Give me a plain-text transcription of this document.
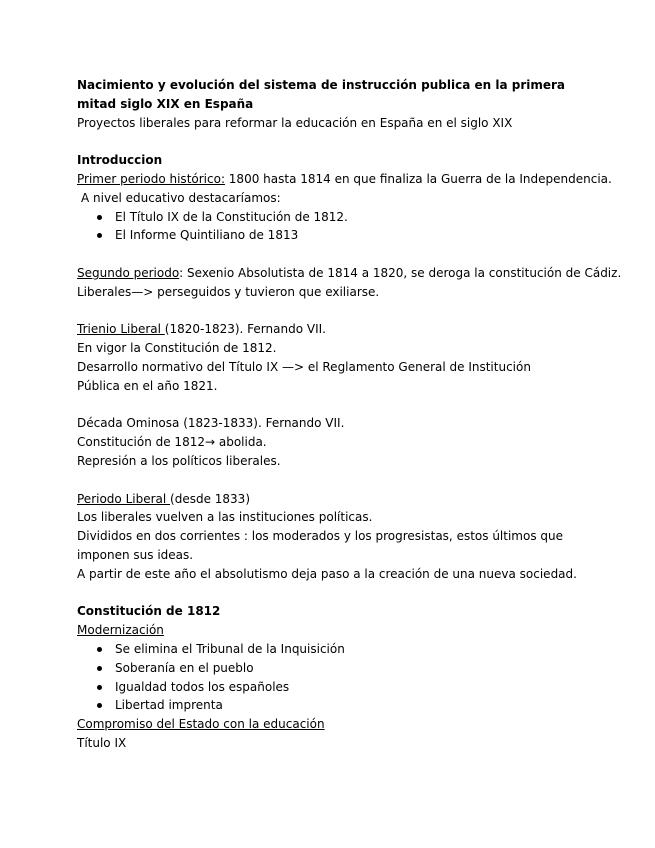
Nacimiento y evolución del sistema de instrucción publica en la primera mitad siglo XIX en España
Proyectos liberales para reformar la educación en España en el siglo XIX
Introduccion
Primer periodo histórico: 1800 hasta 1814 en que finaliza la Guerra de la Independencia.
A nivel educativo destacaríamos:
El Título IX de la Constitución de 1812.
El Informe Quintiliano de 1813
Segundo periodo: Sexenio Absolutista de 1814 a 1820, se deroga la constitución de Cádiz.
Liberales—> perseguidos y tuvieron que exiliarse.
Trienio Liberal (1820-1823). Fernando VII.
En vigor la Constitución de 1812.
Desarrollo normativo del Título IX —> el Reglamento General de Institución Pública en el año 1821.
Década Ominosa (1823-1833). Fernando VII.
Constitución de 1812→ abolida.
Represión a los políticos liberales.
Periodo Liberal (desde 1833)
Los liberales vuelven a las instituciones políticas.
Divididos en dos corrientes : los moderados y los progresistas, estos últimos que imponen sus ideas.
A partir de este año el absolutismo deja paso a la creación de una nueva sociedad.
Constitución de 1812
Modernización
Se elimina el Tribunal de la Inquisición
Soberanía en el pueblo
Igualdad todos los españoles
Libertad imprenta
Compromiso del Estado con la educación
Título IX
